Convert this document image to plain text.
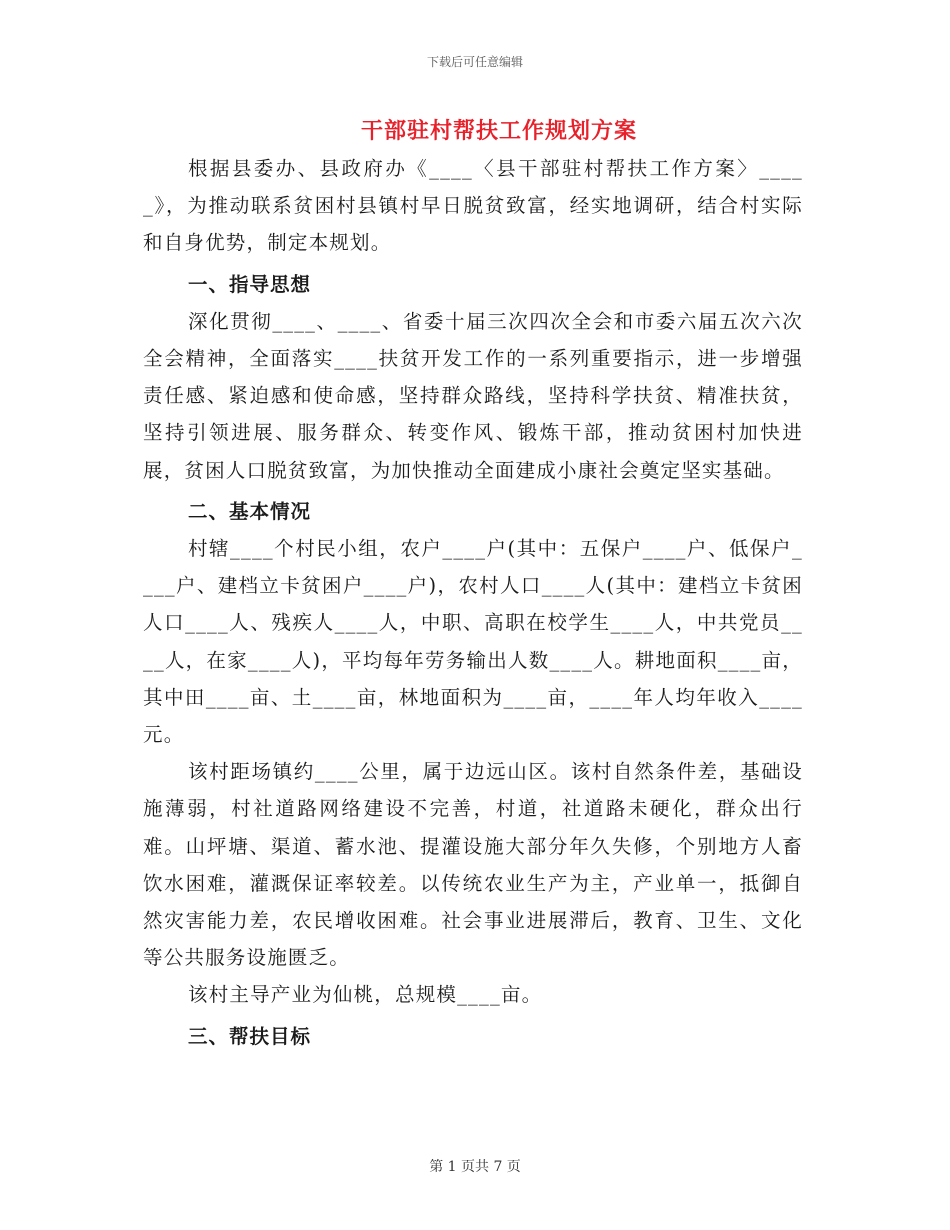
下载后可任意编辑
干部驻村帮扶工作规划方案

根据县委办、县政府办《____〈县干部驻村帮扶工作方案〉_____》，为推动联系贫困村县镇村早日脱贫致富，经实地调研，结合村实际和自身优势，制定本规划。

一、指导思想

深化贯彻____、____、省委十届三次四次全会和市委六届五次六次全会精神，全面落实____扶贫开发工作的一系列重要指示，进一步增强责任感、紧迫感和使命感，坚持群众路线，坚持科学扶贫、精准扶贫，坚持引领进展、服务群众、转变作风、锻炼干部，推动贫困村加快进展，贫困人口脱贫致富，为加快推动全面建成小康社会奠定坚实基础。

二、基本情况

村辖____个村民小组，农户____户(其中：五保户____户、低保户____户、建档立卡贫困户____户)，农村人口____人(其中：建档立卡贫困人口____人、残疾人____人，中职、高职在校学生____人，中共党员____人，在家____人)，平均每年劳务输出人数____人。耕地面积____亩，其中田____亩、土____亩，林地面积为____亩，____年人均年收入____元。

该村距场镇约____公里，属于边远山区。该村自然条件差，基础设施薄弱，村社道路网络建设不完善，村道，社道路未硬化，群众出行难。山坪塘、渠道、蓄水池、提灌设施大部分年久失修，个别地方人畜饮水困难，灌溉保证率较差。以传统农业生产为主，产业单一，抵御自然灾害能力差，农民增收困难。社会事业进展滞后，教育、卫生、文化等公共服务设施匮乏。

该村主导产业为仙桃，总规模____亩。

三、帮扶目标

第 1 页共 7 页
